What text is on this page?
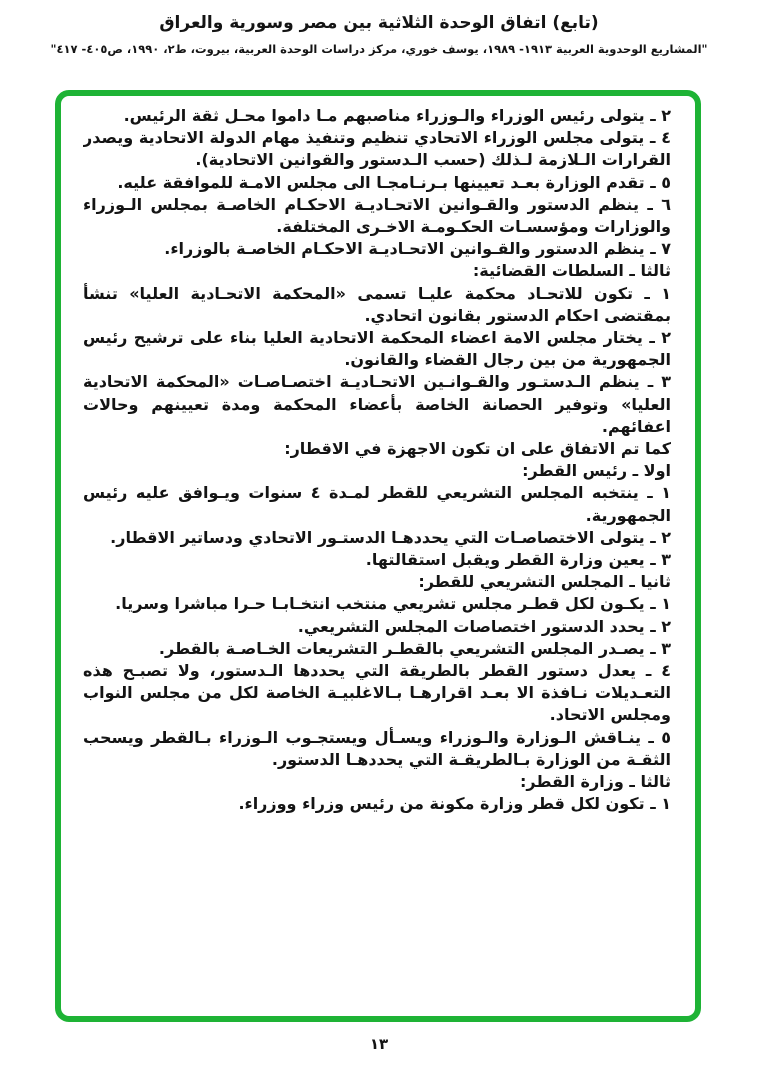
(تابع) اتفاق الوحدة الثلاثية بين مصر وسورية والعراق

"المشاريع الوحدوية العربية ١٩١٣- ١٩٨٩، يوسف خوري، مركز دراسات الوحدة العربية، بيروت، ط٢، ١٩٩٠، ص٤٠٥- ٤١٧"

٢ ـ يتولى رئيس الوزراء والـوزراء مناصبهم مـا داموا محـل ثقة الرئيس.

٤ ـ يتولى مجلس الوزراء الاتحادي تنظيم وتنفيذ مهام الدولة الاتحادية ويصدر القرارات الـلازمة لـذلك (حسب الـدستور والقوانين الاتحادية).

٥ ـ تقدم الوزارة بعـد تعيينها بـرنـامجـا الى مجلس الامـة للموافقة عليه.

٦ ـ ينظم الدستور والقـوانين الاتحـاديـة الاحكـام الخاصـة بمجلس الـوزراء والوزارات ومؤسسـات الحكـومـة الاخـرى المختلفة.

٧ ـ ينظم الدستور والقـوانين الاتحـاديـة الاحكـام الخاصـة بالوزراء.

ثالثا ـ السلطات القضائية:

١ ـ تكون للاتحـاد محكمة عليـا تسمى «المحكمة الاتحـادية العليا» تنشأ بمقتضى احكام الدستور بقانون اتحادي.

٢ ـ يختار مجلس الامة اعضاء المحكمة الاتحادية العليا بناء على ترشيح رئيس الجمهورية من بين رجال القضاء والقانون.

٣ ـ ينظم الـدستـور والقـوانـين الاتحـاديـة اختصـاصـات «المحكمة الاتحادية العليا» وتوفير الحصانة الخاصة بأعضاء المحكمة ومدة تعيينهم وحالات اعفائهم.

كما تم الاتفاق على ان تكون الاجهزة في الاقطار:

اولا ـ رئيس القطر:

١ ـ ينتخبه المجلس التشريعي للقطر لمـدة ٤ سنوات ويـوافق عليه رئيس الجمهورية.

٢ ـ يتولى الاختصاصـات التي يحددهـا الدستـور الاتحادي ودساتير الاقطار.

٣ ـ يعين وزارة القطر ويقبل استقالتها.

ثانيا ـ المجلس التشريعي للقطر:

١ ـ يكـون لكل قطـر مجلس تشريعي منتخب انتخـابـا حـرا مباشرا وسريا.

٢ ـ يحدد الدستور اختصاصات المجلس التشريعي.

٣ ـ يصـدر المجلس التشريعي بالقطـر التشريعات الخـاصـة بالقطر.

٤ ـ يعدل دستور القطر بالطريقة التي يحددها الـدستور، ولا تصبـح هذه التعـديلات نـافذة الا بعـد اقرارهـا بـالاغلبيـة الخاصة لكل من مجلس النواب ومجلس الاتحاد.

٥ ـ ينـاقش الـوزارة والـوزراء ويسـأل ويستجـوب الـوزراء بـالقطر ويسحب الثقـة من الوزارة بـالطريقـة التي يحددهـا الدستور.

ثالثا ـ وزارة القطر:

١ ـ تكون لكل قطر وزارة مكونة من رئيس وزراء ووزراء.

١٣
